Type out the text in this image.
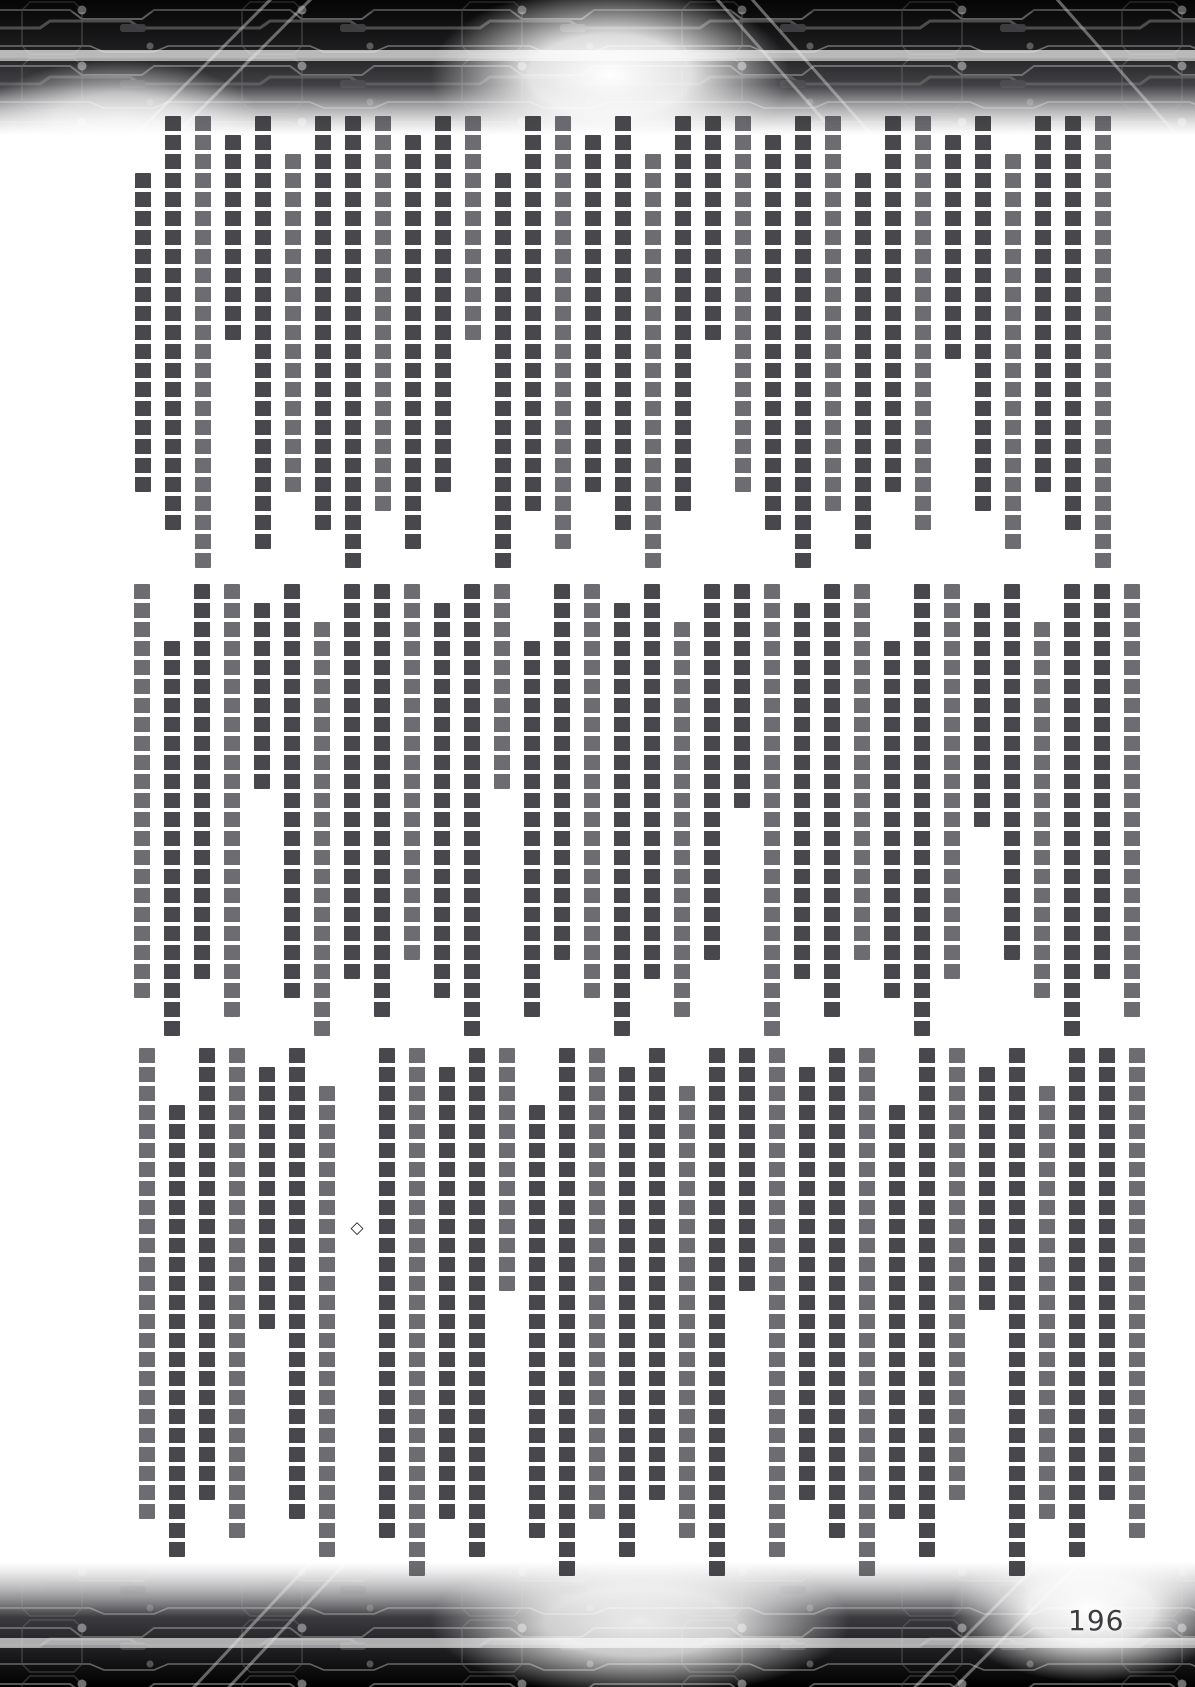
◇
196
